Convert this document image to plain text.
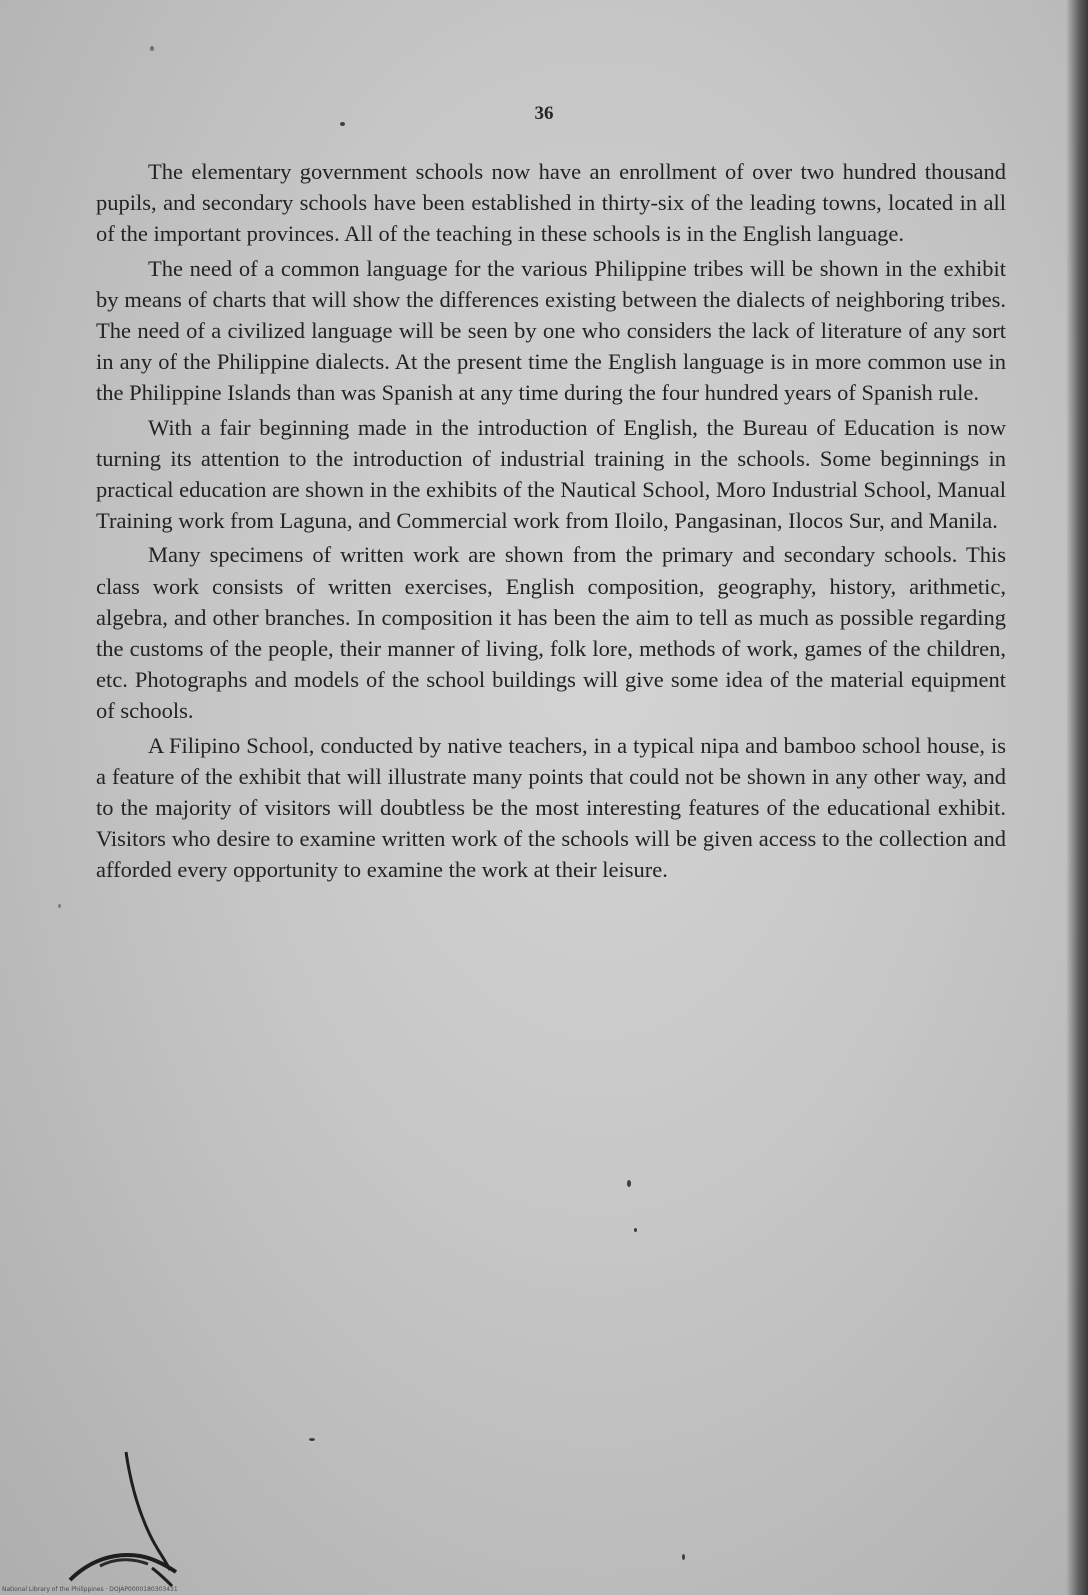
36

The elementary government schools now have an enrollment of over two hundred thousand pupils, and secondary schools have been established in thirty-six of the leading towns, located in all of the important provinces. All of the teaching in these schools is in the English language.

The need of a common language for the various Philippine tribes will be shown in the exhibit by means of charts that will show the differences existing between the dialects of neighboring tribes. The need of a civilized language will be seen by one who considers the lack of literature of any sort in any of the Philippine dialects. At the present time the English language is in more common use in the Philippine Islands than was Spanish at any time during the four hundred years of Spanish rule.

With a fair beginning made in the introduction of English, the Bureau of Education is now turning its attention to the introduction of industrial training in the schools. Some beginnings in practical education are shown in the exhibits of the Nautical School, Moro Industrial School, Manual Training work from Laguna, and Commercial work from Iloilo, Pangasinan, Ilocos Sur, and Manila.

Many specimens of written work are shown from the primary and secondary schools. This class work consists of written exercises, English composition, geography, history, arithmetic, algebra, and other branches. In composition it has been the aim to tell as much as possible regarding the customs of the people, their manner of living, folk lore, methods of work, games of the children, etc. Photographs and models of the school buildings will give some idea of the material equipment of schools.

A Filipino School, conducted by native teachers, in a typical nipa and bamboo school house, is a feature of the exhibit that will illustrate many points that could not be shown in any other way, and to the majority of visitors will doubtless be the most interesting features of the educational exhibit. Visitors who desire to examine written work of the schools will be given access to the collection and afforded every opportunity to examine the work at their leisure.

National Library of the Philippines · DOJAP0000180303431
